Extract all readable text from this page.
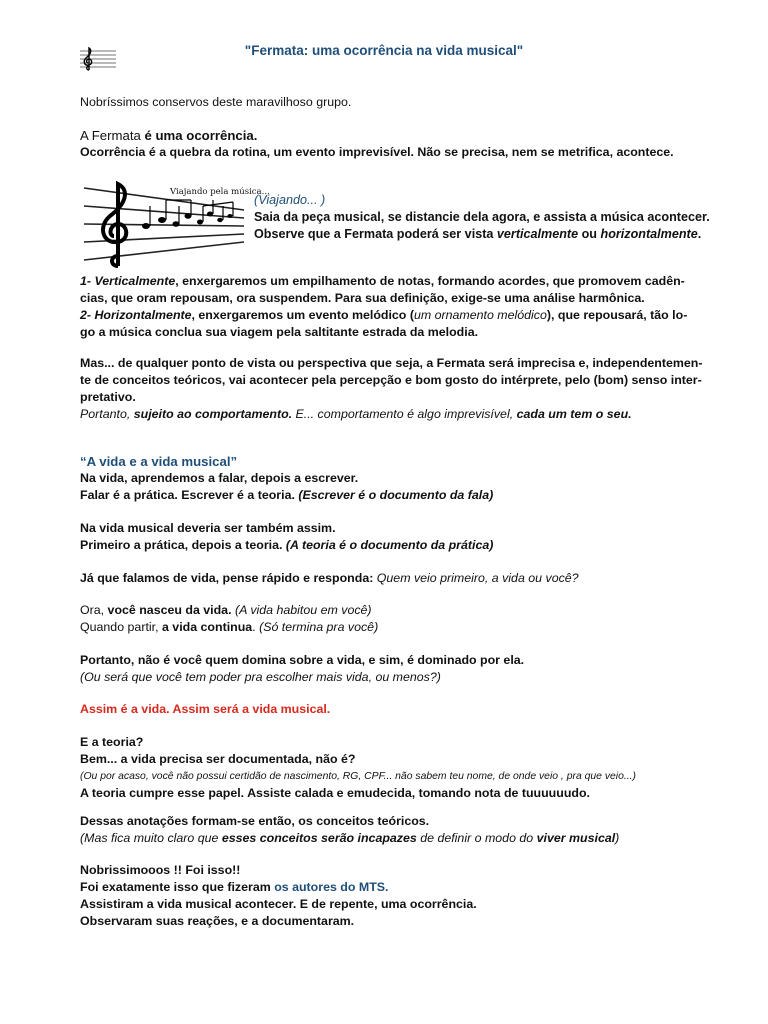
"Fermata: uma ocorrência na vida musical"
Nobríssimos conservos deste maravilhoso grupo.
A Fermata é uma ocorrência.
Ocorrência é a quebra da rotina, um evento imprevisível. Não se precisa, nem se metrifica, acontece.
Viajando pela música...
(Viajando... )
Saia da peça musical, se distancie dela agora, e assista a música acontecer.
Observe que a Fermata poderá ser vista verticalmente ou horizontalmente.
1- Verticalmente, enxergaremos um empilhamento de notas, formando acordes, que promovem cadên-
cias, que oram repousam, ora suspendem. Para sua definição, exige-se uma análise harmônica.
2- Horizontalmente, enxergaremos um evento melódico (um ornamento melódico), que repousará, tão lo-
go a música conclua sua viagem pela saltitante estrada da melodia.
Mas... de qualquer ponto de vista ou perspectiva que seja, a Fermata será imprecisa e, independentemen-
te de conceitos teóricos, vai acontecer pela percepção e bom gosto do intérprete, pelo (bom) senso inter-
pretativo.
Portanto, sujeito ao comportamento. E... comportamento é algo imprevisível, cada um tem o seu.
“A vida e a vida musical”
Na vida, aprendemos a falar, depois a escrever.
Falar é a prática. Escrever é a teoria. (Escrever é o documento da fala)
Na vida musical deveria ser também assim.
Primeiro a prática, depois a teoria. (A teoria é o documento da prática)
Já que falamos de vida, pense rápido e responda: Quem veio primeiro, a vida ou você?
Ora, você nasceu da vida. (A vida habitou em você)
Quando partir, a vida continua. (Só termina pra você)
Portanto, não é você quem domina sobre a vida, e sim, é dominado por ela.
(Ou será que você tem poder pra escolher mais vida, ou menos?)
Assim é a vida. Assim será a vida musical.
E a teoria?
Bem... a vida precisa ser documentada, não é?
(Ou por acaso, você não possui certidão de nascimento, RG, CPF... não sabem teu nome, de onde veio , pra que veio...)
A teoria cumpre esse papel. Assiste calada e emudecida, tomando nota de tuuuuuudo.
Dessas anotações formam-se então, os conceitos teóricos.
(Mas fica muito claro que esses conceitos serão incapazes de definir o modo do viver musical)
Nobrissimooos !! Foi isso!!
Foi exatamente isso que fizeram os autores do MTS.
Assistiram a vida musical acontecer. E de repente, uma ocorrência.
Observaram suas reações, e a documentaram.
